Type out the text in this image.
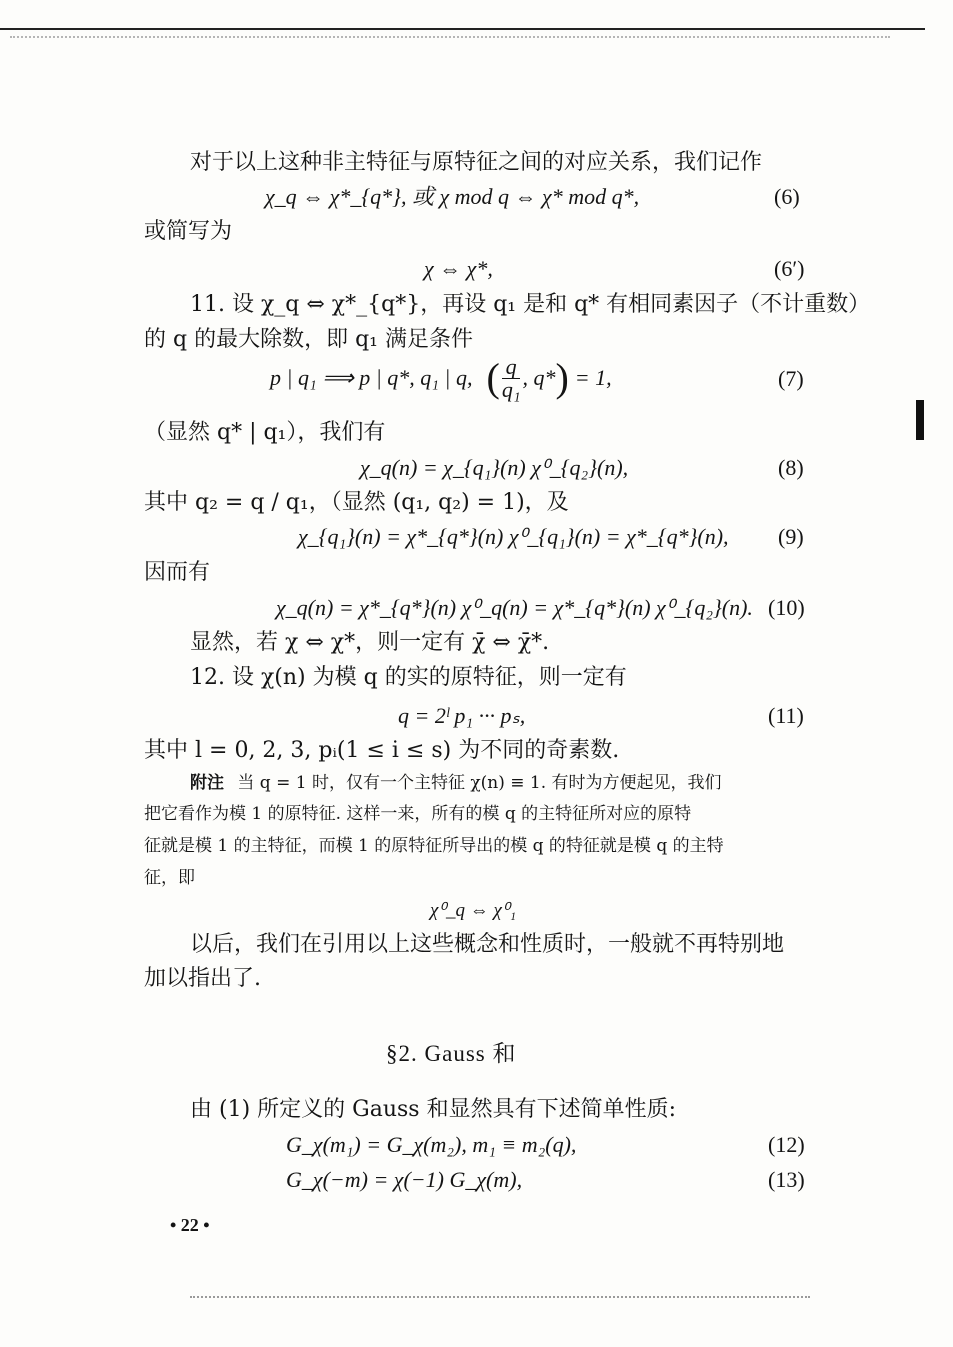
对于以上这种非主特征与原特征之间的对应关系，我们记作
χ_q ⇔ χ*_{q*}, 或 χ mod q ⇔ χ* mod q*,	(6)
或简写为
χ ⇔ χ*,	(6′)
11. 设 χ_q ⇔ χ*_{q*}，再设 q₁ 是和 q* 有相同素因子（不计重数）
的 q 的最大除数，即 q₁ 满足条件
p | q₁ ⟹ p | q*, q₁ | q, ( $\frac{q}{\text{q₁}}$ , q* ) = 1,	(7)
（显然 q* | q₁），我们有
χ_q(n) = χ_{q₁}(n) χ⁰_{q₂}(n),	(8)
其中 q₂ = q / q₁，（显然 (q₁, q₂) = 1)，及
χ_{q₁}(n) = χ*_{q*}(n) χ⁰_{q₁}(n) = χ*_{q*}(n), (9)
因而有
χ_q(n) = χ*_{q*}(n) χ⁰_q(n) = χ*_{q*}(n) χ⁰_{q₂}(n). (10)
显然，若 χ ⇔ χ*，则一定有 χ̄ ⇔ χ̄*.
12. 设 χ(n) 为模 q 的实的原特征，则一定有
q = 2ˡ p₁ ··· pₛ,	(11)
其中 l = 0, 2, 3, pᵢ(1 ≤ i ≤ s) 为不同的奇素数.
附注 当 q = 1 时，仅有一个主特征 χ(n) ≡ 1. 有时为方便起见，我们
把它看作为模 1 的原特征. 这样一来，所有的模 q 的主特征所对应的原特
征就是模 1 的主特征，而模 1 的原特征所导出的模 q 的特征就是模 q 的主特
征，即
χ⁰_q ⇔ χ⁰₁
以后，我们在引用以上这些概念和性质时，一般就不再特别地
加以指出了.
§2. Gauss 和
由 (1) 所定义的 Gauss 和显然具有下述简单性质:
G_χ(m₁) = G_χ(m₂), m₁ ≡ m₂(q),	(12)
G_χ(−m) = χ(−1) G_χ(m),	(13)
• 22 •
